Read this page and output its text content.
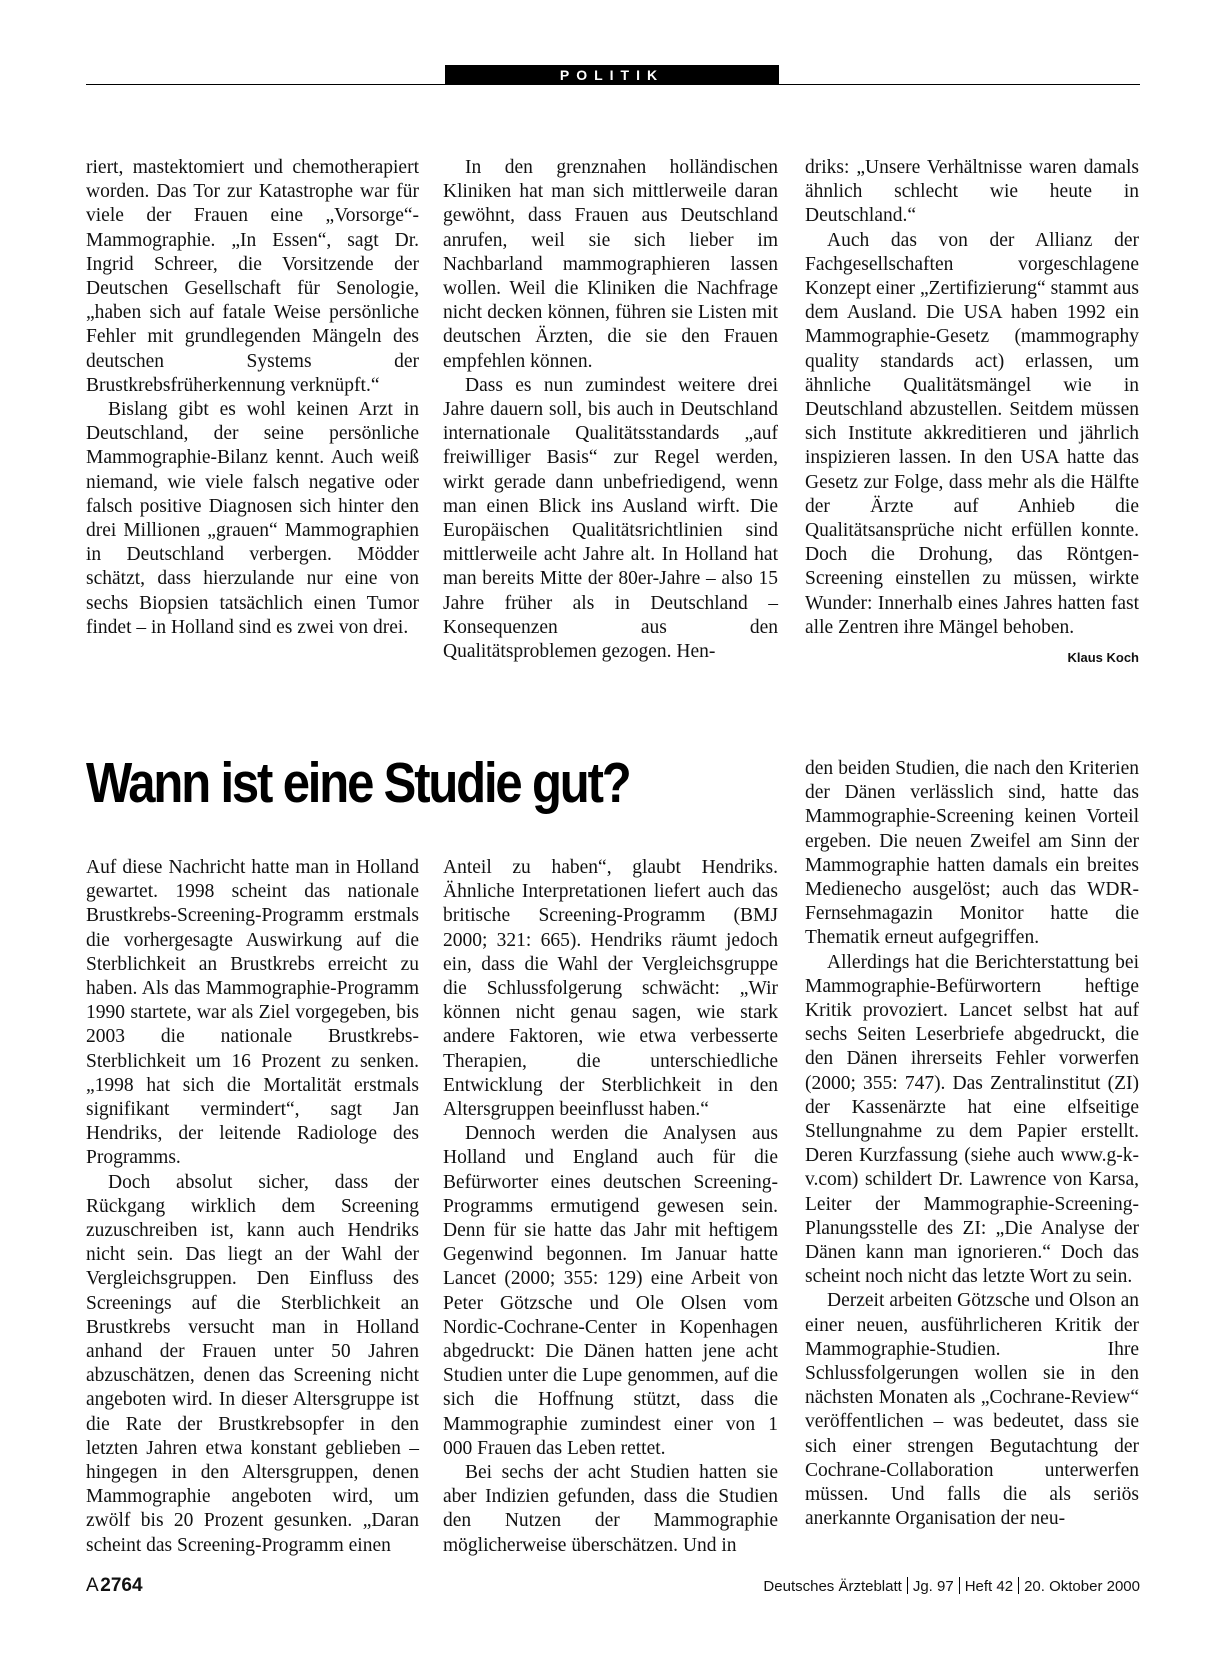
POLITIK

riert, mastektomiert und chemotherapiert worden. Das Tor zur Katastrophe war für viele der Frauen eine „Vorsorge“-Mammographie. „In Essen“, sagt Dr. Ingrid Schreer, die Vorsitzende der Deutschen Gesellschaft für Senologie, „haben sich auf fatale Weise persönliche Fehler mit grundlegenden Mängeln des deutschen Systems der Brustkrebsfrüherkennung verknüpft.“

Bislang gibt es wohl keinen Arzt in Deutschland, der seine persönliche Mammographie-Bilanz kennt. Auch weiß niemand, wie viele falsch negative oder falsch positive Diagnosen sich hinter den drei Millionen „grauen“ Mammographien in Deutschland verbergen. Mödder schätzt, dass hierzulande nur eine von sechs Biopsien tatsächlich einen Tumor findet – in Holland sind es zwei von drei.

In den grenznahen holländischen Kliniken hat man sich mittlerweile daran gewöhnt, dass Frauen aus Deutschland anrufen, weil sie sich lieber im Nachbarland mammographieren lassen wollen. Weil die Kliniken die Nachfrage nicht decken können, führen sie Listen mit deutschen Ärzten, die sie den Frauen empfehlen können.

Dass es nun zumindest weitere drei Jahre dauern soll, bis auch in Deutschland internationale Qualitätsstandards „auf freiwilliger Basis“ zur Regel werden, wirkt gerade dann unbefriedigend, wenn man einen Blick ins Ausland wirft. Die Europäischen Qualitätsrichtlinien sind mittlerweile acht Jahre alt. In Holland hat man bereits Mitte der 80er-Jahre – also 15 Jahre früher als in Deutschland – Konsequenzen aus den Qualitätsproblemen gezogen. Hen-

driks: „Unsere Verhältnisse waren damals ähnlich schlecht wie heute in Deutschland.“

Auch das von der Allianz der Fachgesellschaften vorgeschlagene Konzept einer „Zertifizierung“ stammt aus dem Ausland. Die USA haben 1992 ein Mammographie-Gesetz (mammography quality standards act) erlassen, um ähnliche Qualitätsmängel wie in Deutschland abzustellen. Seitdem müssen sich Institute akkreditieren und jährlich inspizieren lassen. In den USA hatte das Gesetz zur Folge, dass mehr als die Hälfte der Ärzte auf Anhieb die Qualitätsansprüche nicht erfüllen konnte. Doch die Drohung, das Röntgen-Screening einstellen zu müssen, wirkte Wunder: Innerhalb eines Jahres hatten fast alle Zentren ihre Mängel behoben.
Klaus Koch

Wann ist eine Studie gut?

Auf diese Nachricht hatte man in Holland gewartet. 1998 scheint das nationale Brustkrebs-Screening-Programm erstmals die vorhergesagte Auswirkung auf die Sterblichkeit an Brustkrebs erreicht zu haben. Als das Mammographie-Programm 1990 startete, war als Ziel vorgegeben, bis 2003 die nationale Brustkrebs-Sterblichkeit um 16 Prozent zu senken. „1998 hat sich die Mortalität erstmals signifikant vermindert“, sagt Jan Hendriks, der leitende Radiologe des Programms.

Doch absolut sicher, dass der Rückgang wirklich dem Screening zuzuschreiben ist, kann auch Hendriks nicht sein. Das liegt an der Wahl der Vergleichsgruppen. Den Einfluss des Screenings auf die Sterblichkeit an Brustkrebs versucht man in Holland anhand der Frauen unter 50 Jahren abzuschätzen, denen das Screening nicht angeboten wird. In dieser Altersgruppe ist die Rate der Brustkrebsopfer in den letzten Jahren etwa konstant geblieben – hingegen in den Altersgruppen, denen Mammographie angeboten wird, um zwölf bis 20 Prozent gesunken. „Daran scheint das Screening-Programm einen

Anteil zu haben“, glaubt Hendriks. Ähnliche Interpretationen liefert auch das britische Screening-Programm (BMJ 2000; 321: 665). Hendriks räumt jedoch ein, dass die Wahl der Vergleichsgruppe die Schlussfolgerung schwächt: „Wir können nicht genau sagen, wie stark andere Faktoren, wie etwa verbesserte Therapien, die unterschiedliche Entwicklung der Sterblichkeit in den Altersgruppen beeinflusst haben.“

Dennoch werden die Analysen aus Holland und England auch für die Befürworter eines deutschen Screening-Programms ermutigend gewesen sein. Denn für sie hatte das Jahr mit heftigem Gegenwind begonnen. Im Januar hatte Lancet (2000; 355: 129) eine Arbeit von Peter Götzsche und Ole Olsen vom Nordic-Cochrane-Center in Kopenhagen abgedruckt: Die Dänen hatten jene acht Studien unter die Lupe genommen, auf die sich die Hoffnung stützt, dass die Mammographie zumindest einer von 1 000 Frauen das Leben rettet.

Bei sechs der acht Studien hatten sie aber Indizien gefunden, dass die Studien den Nutzen der Mammographie möglicherweise überschätzen. Und in

den beiden Studien, die nach den Kriterien der Dänen verlässlich sind, hatte das Mammographie-Screening keinen Vorteil ergeben. Die neuen Zweifel am Sinn der Mammographie hatten damals ein breites Medienecho ausgelöst; auch das WDR-Fernsehmagazin Monitor hatte die Thematik erneut aufgegriffen.

Allerdings hat die Berichterstattung bei Mammographie-Befürwortern heftige Kritik provoziert. Lancet selbst hat auf sechs Seiten Leserbriefe abgedruckt, die den Dänen ihrerseits Fehler vorwerfen (2000; 355: 747). Das Zentralinstitut (ZI) der Kassenärzte hat eine elfseitige Stellungnahme zu dem Papier erstellt. Deren Kurzfassung (siehe auch www.g-k-v.com) schildert Dr. Lawrence von Karsa, Leiter der Mammographie-Screening-Planungsstelle des ZI: „Die Analyse der Dänen kann man ignorieren.“ Doch das scheint noch nicht das letzte Wort zu sein.

Derzeit arbeiten Götzsche und Olson an einer neuen, ausführlicheren Kritik der Mammographie-Studien. Ihre Schlussfolgerungen wollen sie in den nächsten Monaten als „Cochrane-Review“ veröffentlichen – was bedeutet, dass sie sich einer strengen Begutachtung der Cochrane-Collaboration unterwerfen müssen. Und falls die als seriös anerkannte Organisation der neu-

A 2764	Deutsches Ärzteblatt Jg. 97 Heft 42 20. Oktober 2000
